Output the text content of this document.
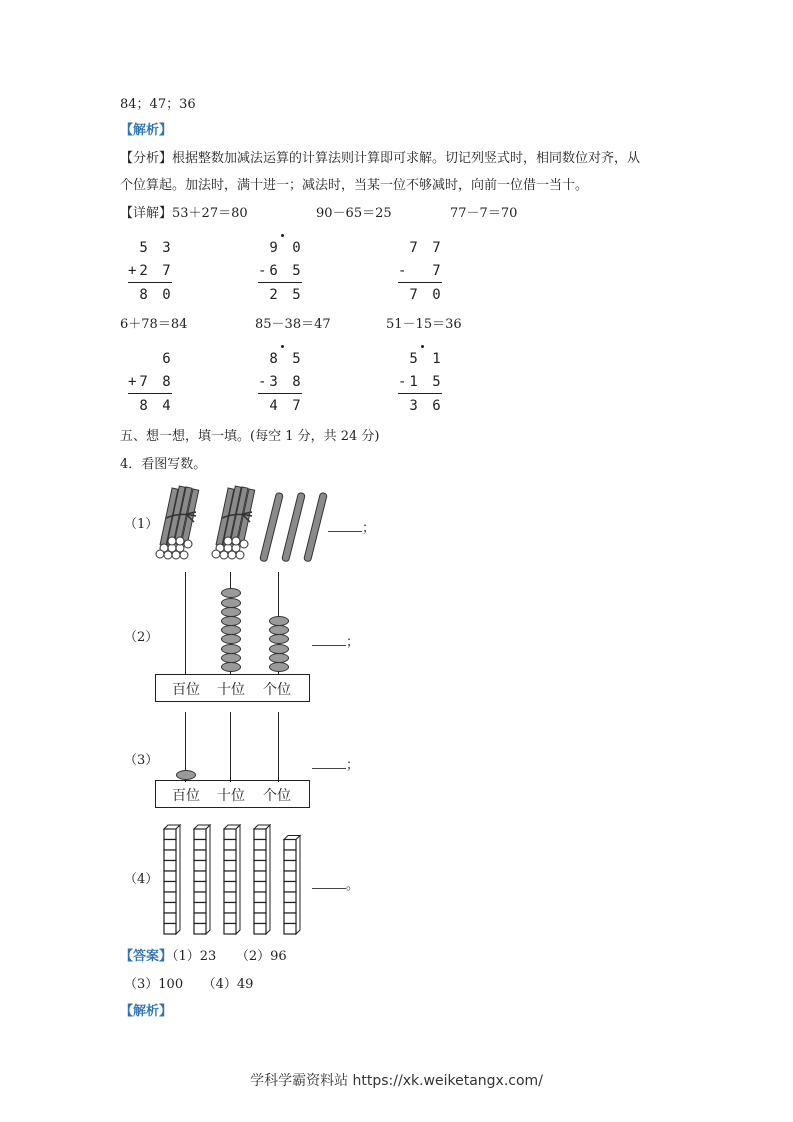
84；47；36
【解析】
【分析】根据整数加减法运算的计算法则计算即可求解。切记列竖式时，相同数位对齐，从
个位算起。加法时，满十进一；减法时，当某一位不够减时，向前一位借一当十。
【详解】53＋27＝80	90－65＝25	77－7＝70
5 3
+2 7
8 0
9 0
-6 5
2 5
7 7
-  7
7 0
6＋78＝84	85－38＝47	51－15＝36
6
+7 8
8 4
8 5
-3 8
4 7
5 1
-1 5
3 6
五、想一想，填一填。(每空 1 分，共 24 分)
4．看图写数。
（1）	；
（2）
百位 十位 个位
；
（3）
百位 十位 个位
；
（4）	。
【答案】（1）23　　（2）96
（3）100　　（4）49
【解析】
学科学霸资料站 https://xk.weiketangx.com/
